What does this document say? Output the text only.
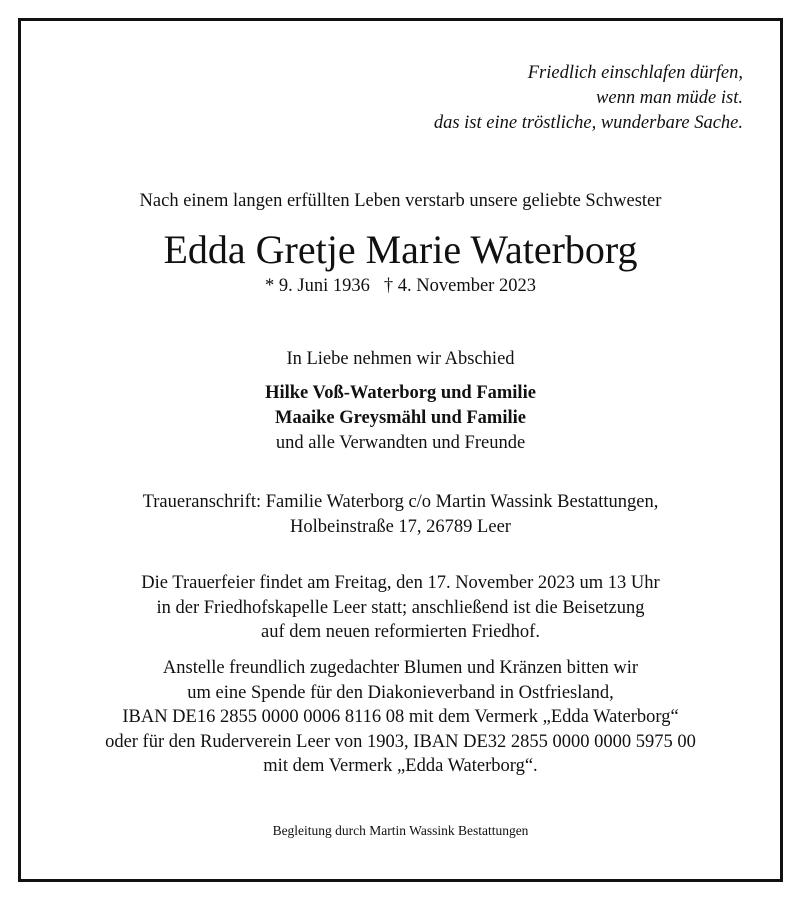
Friedlich einschlafen dürfen,
wenn man müde ist.
das ist eine tröstliche, wunderbare Sache.
Nach einem langen erfüllten Leben verstarb unsere geliebte Schwester
Edda Gretje Marie Waterborg
* 9. Juni 1936 † 4. November 2023
In Liebe nehmen wir Abschied
Hilke Voß-Waterborg und Familie
Maaike Greysmähl und Familie
und alle Verwandten und Freunde
Traueranschrift: Familie Waterborg c/o Martin Wassink Bestattungen,
Holbeinstraße 17, 26789 Leer
Die Trauerfeier findet am Freitag, den 17. November 2023 um 13 Uhr
in der Friedhofskapelle Leer statt; anschließend ist die Beisetzung
auf dem neuen reformierten Friedhof.
Anstelle freundlich zugedachter Blumen und Kränzen bitten wir
um eine Spende für den Diakonieverband in Ostfriesland,
IBAN DE16 2855 0000 0006 8116 08 mit dem Vermerk „Edda Waterborg“
oder für den Ruderverein Leer von 1903, IBAN DE32 2855 0000 0000 5975 00
mit dem Vermerk „Edda Waterborg“.
Begleitung durch Martin Wassink Bestattungen
